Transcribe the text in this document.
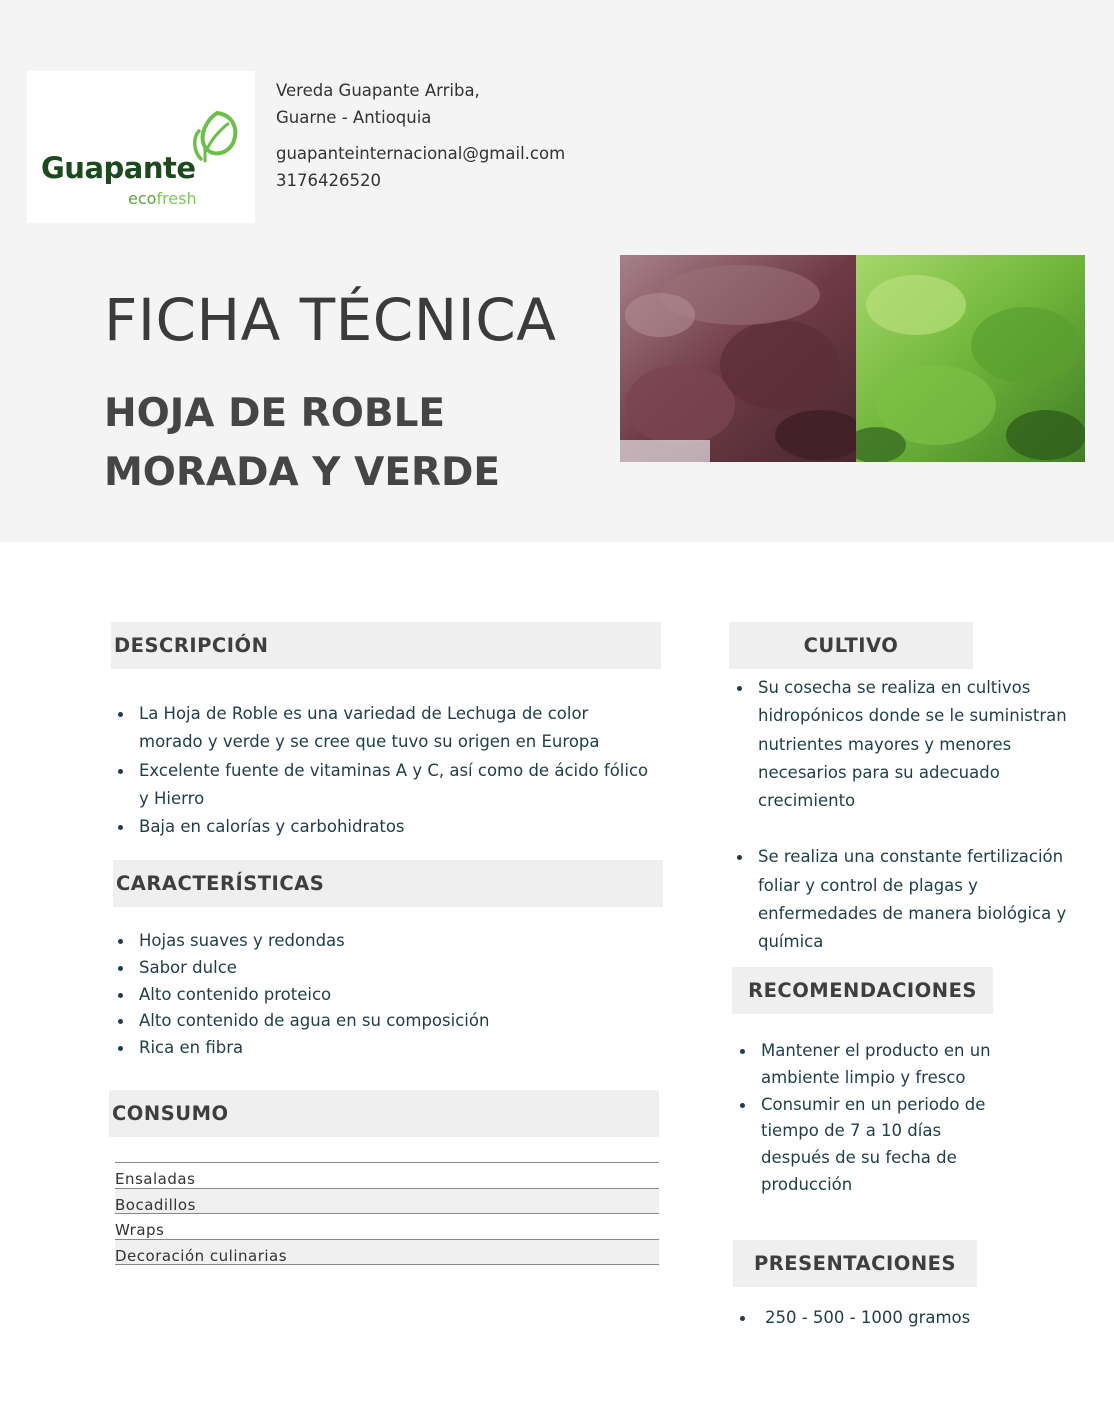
Guapante
ecofresh
Vereda Guapante Arriba,
Guarne - Antioquia
guapanteinternacional@gmail.com
3176426520
FICHA TÉCNICA
HOJA DE ROBLE
MORADA Y VERDE
DESCRIPCIÓN
La Hoja de Roble es una variedad de Lechuga de color morado y verde y se cree que tuvo su origen en Europa
Excelente fuente de vitaminas A y C, así como de ácido fólico y Hierro
Baja en calorías y carbohidratos
CARACTERÍSTICAS
Hojas suaves y redondas
Sabor dulce
Alto contenido proteico
Alto contenido de agua en su composición
Rica en fibra
CONSUMO
Ensaladas
Bocadillos
Wraps
Decoración culinarias
CULTIVO
Su cosecha se realiza en cultivos hidropónicos donde se le suministran nutrientes mayores y menores necesarios para su adecuado crecimiento
Se realiza una constante fertilización foliar y control de plagas y enfermedades de manera biológica y química
RECOMENDACIONES
Mantener el producto en un ambiente limpio y fresco
Consumir en un periodo de tiempo de 7 a 10 días después de su fecha de producción
PRESENTACIONES
250 - 500 - 1000 gramos
